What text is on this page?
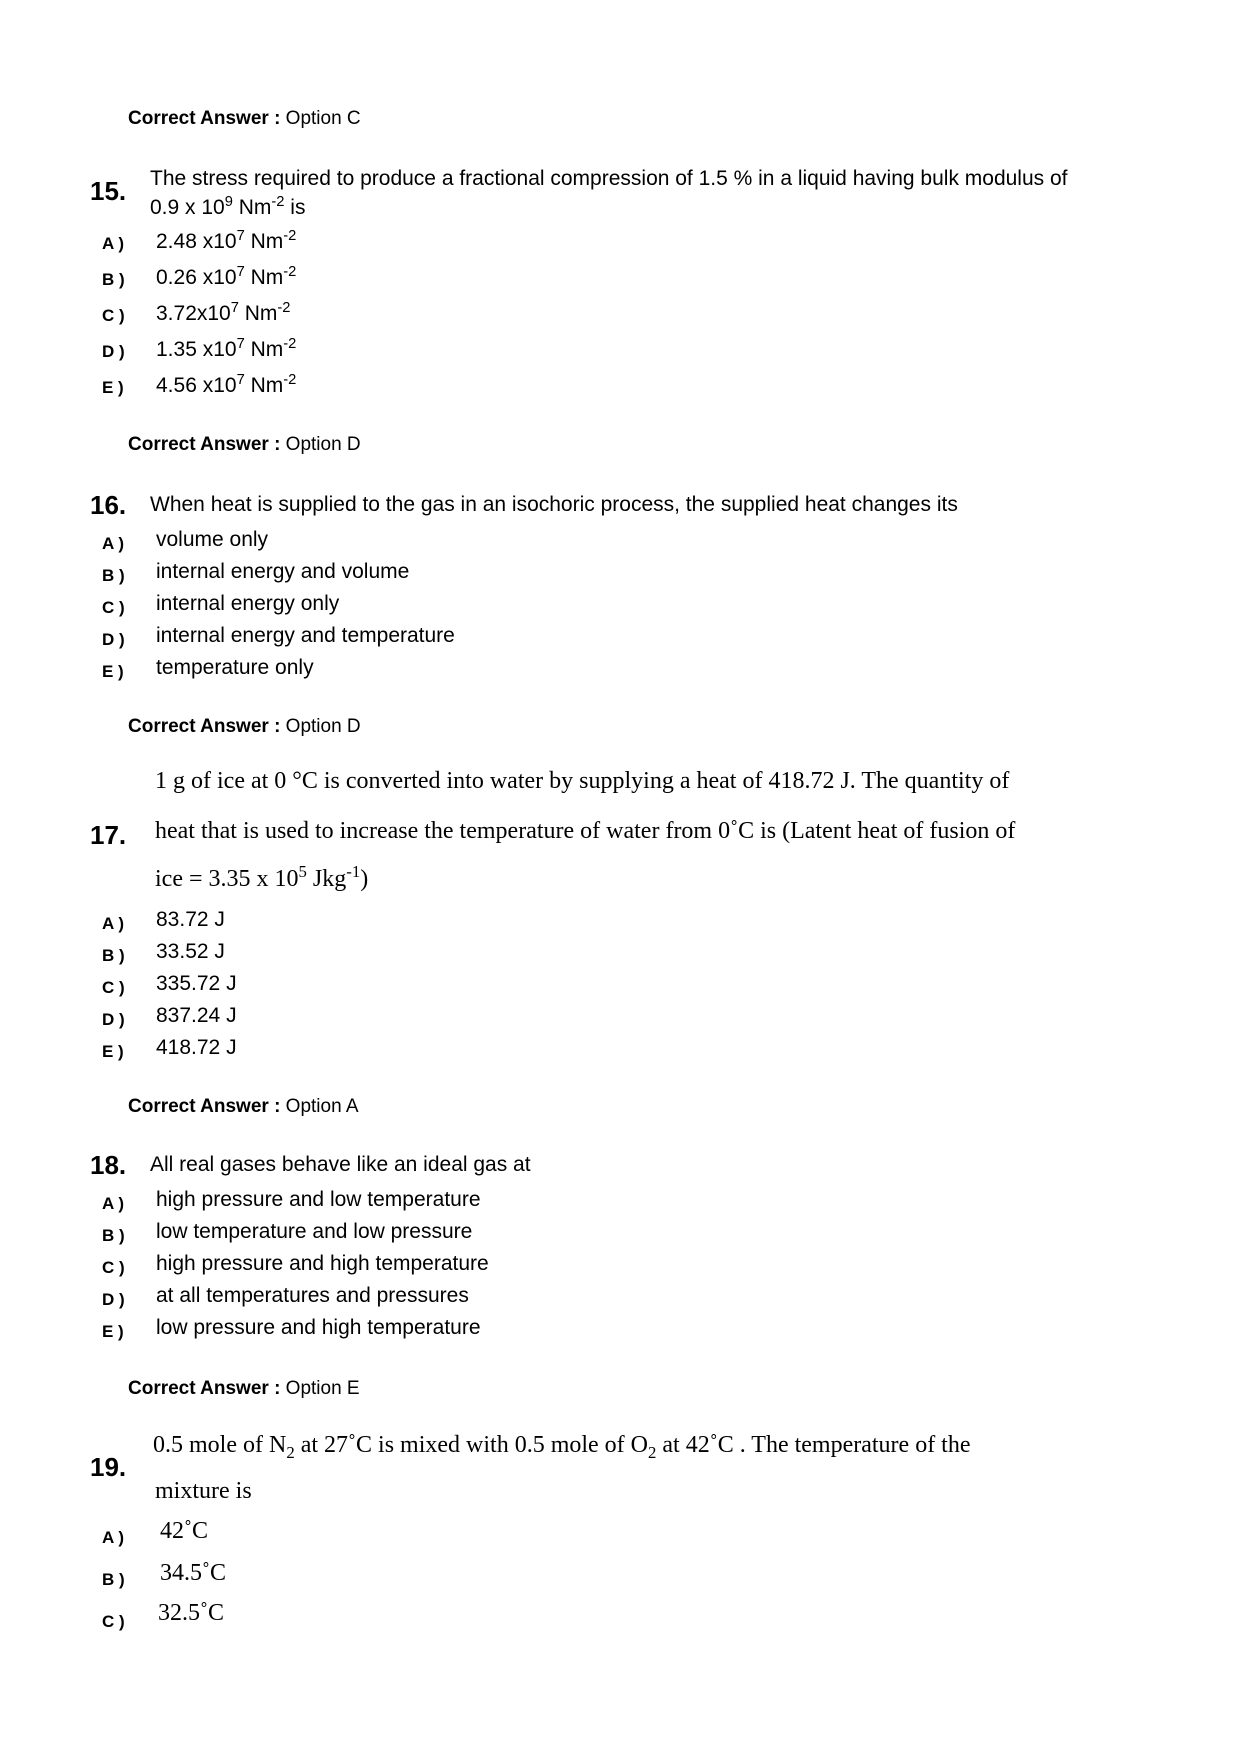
Correct Answer : Option C
15. The stress required to produce a fractional compression of 1.5 % in a liquid having bulk modulus of
0.9 x $10^9$ $Nm^{-2}$ is
A ) 2.48 $x10^7$ $Nm^{-2}$
B ) 0.26 $x10^7$ $Nm^{-2}$
C ) $3.72x10^7$ $Nm^{-2}$
D ) 1.35 $x10^7$ $Nm^{-2}$
E ) 4.56 $x10^7$ $Nm^{-2}$
Correct Answer : Option D
16. When heat is supplied to the gas in an isochoric process, the supplied heat changes its
A ) volume only
B ) internal energy and volume
C ) internal energy only
D ) internal energy and temperature
E ) temperature only
Correct Answer : Option D
17.
1 g of ice at 0 °C is converted into water by supplying a heat of 418.72 J. The quantity of
heat that is used to increase the temperature of water from 0˚C is (Latent heat of fusion of
ice = 3.35 x $10^5$ Jkg$^{-1}$)
A ) 83.72 J
B ) 33.52 J
C ) 335.72 J
D ) 837.24 J
E ) 418.72 J
Correct Answer : Option A
18. All real gases behave like an ideal gas at
A ) high pressure and low temperature
B ) low temperature and low pressure
C ) high pressure and high temperature
D ) at all temperatures and pressures
E ) low pressure and high temperature
Correct Answer : Option E
19.
0.5 mole of $N_2$ at 27˚C is mixed with 0.5 mole of $O_2$ at 42˚C . The temperature of the
mixture is
A ) 42˚C
B ) 34.5˚C
C ) 32.5˚C
